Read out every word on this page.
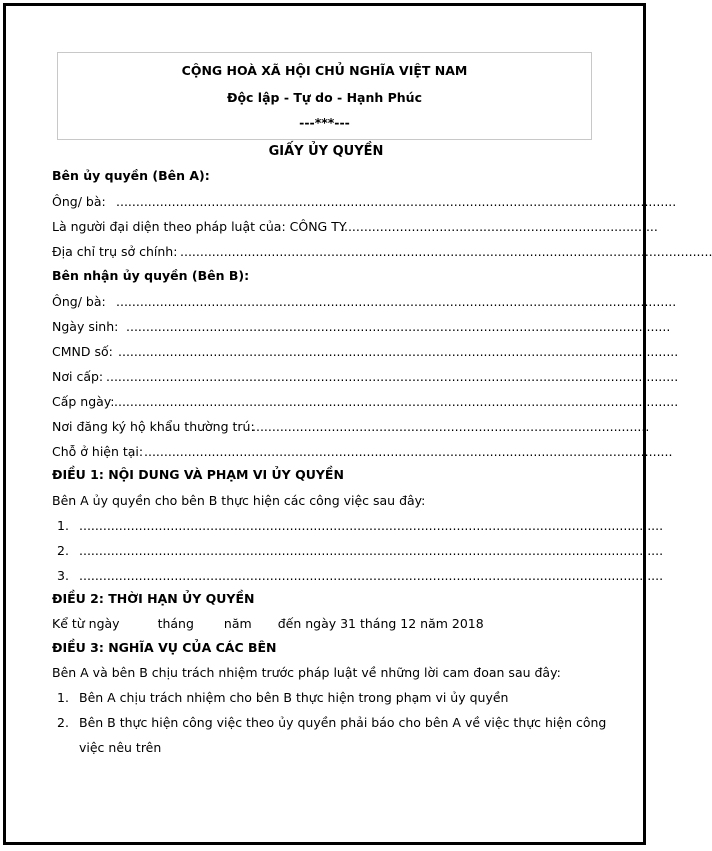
CỘNG HOÀ XÃ HỘI CHỦ NGHĨA VIỆT NAM
Độc lập - Tự do - Hạnh Phúc
---***---
GIẤY ỦY QUYỀN
Bên ủy quyền (Bên A):
Ông/ bà: .............................................................................................................................................
Là người đại diện theo pháp luật của: CÔNG TY
................................................................................
Địa chỉ trụ sở chính: ......................................................................................................................................
Bên nhận ủy quyền (Bên B):
Ông/ bà: .............................................................................................................................................
Ngày sinh: .........................................................................................................................................
CMND số: .............................................................................................................................................
Nơi cấp: ................................................................................................................................................
Cấp ngày: ..............................................................................................................................................
Nơi đăng ký hộ khẩu thường trú:
....................................................................................................
Chỗ ở hiện tại: .....................................................................................................................................
ĐIỀU 1: NỘI DUNG VÀ PHẠM VI ỦY QUYỀN
Bên A ủy quyền cho bên B thực hiện các công việc sau đây:
1. ...................................................................................................................................................
2. ...................................................................................................................................................
3. ...................................................................................................................................................
ĐIỀU 2: THỜI HẠN ỦY QUYỀN
Kể từ ngày	tháng năm đến ngày 31 tháng 12 năm 2018
ĐIỀU 3: NGHĨA VỤ CỦA CÁC BÊN
Bên A và bên B chịu trách nhiệm trước pháp luật về những lời cam đoan sau đây:
1. Bên A chịu trách nhiệm cho bên B thực hiện trong phạm vi ủy quyền
2. Bên B thực hiện công việc theo ủy quyền phải báo cho bên A về việc thực hiện công
việc nêu trên
